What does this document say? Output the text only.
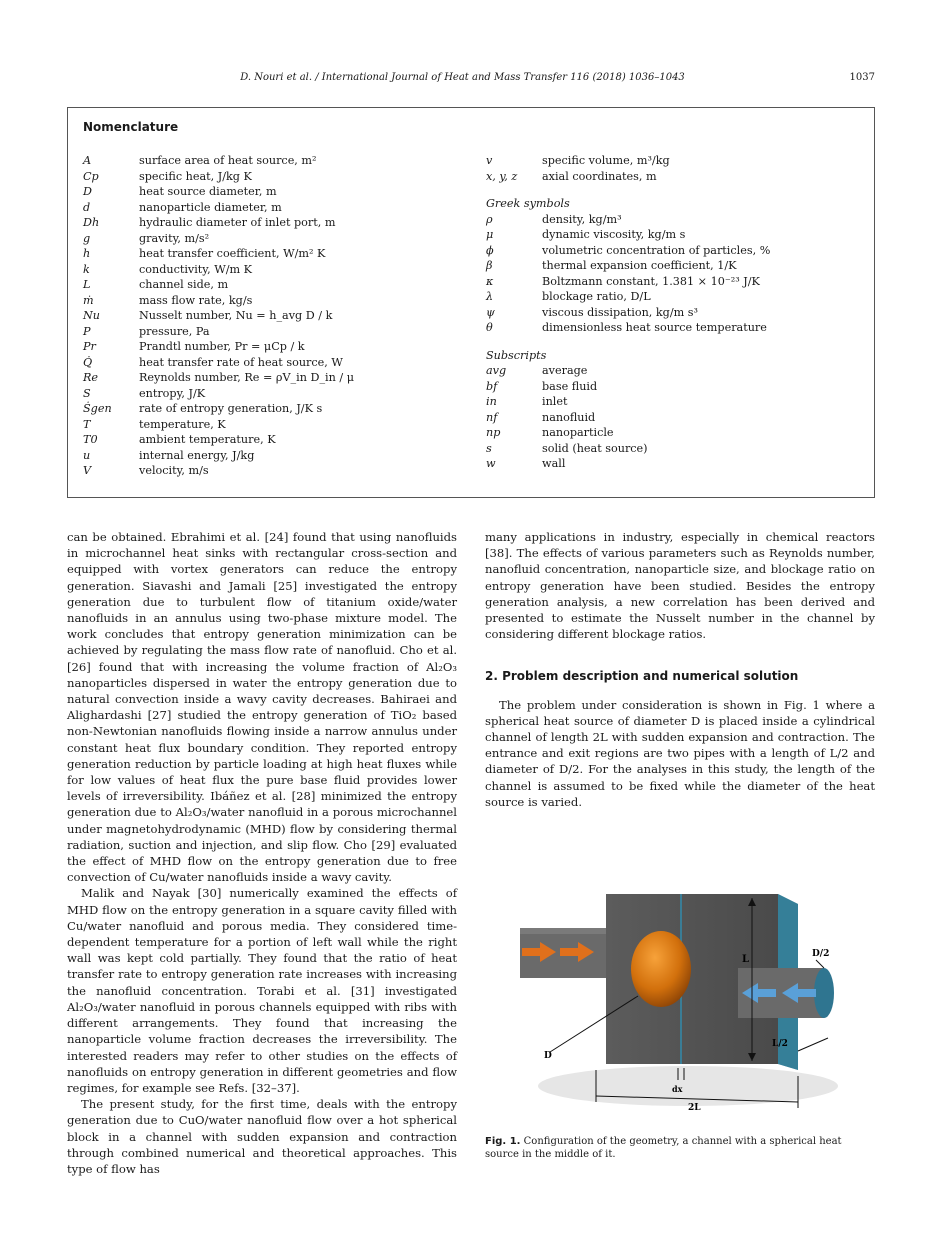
D. Nouri et al. / International Journal of Heat and Mass Transfer 116 (2018) 1036–1043	1037
Nomenclature
A	surface area of heat source, m²
Cp	specific heat, J/kg K
D	heat source diameter, m
d	nanoparticle diameter, m
Dh	hydraulic diameter of inlet port, m
g	gravity, m/s²
h	heat transfer coefficient, W/m² K
k	conductivity, W/m K
L	channel side, m
ṁ	mass flow rate, kg/s
Nu	Nusselt number, Nu = h_avg D / k
P	pressure, Pa
Pr	Prandtl number, Pr = μCp / k
Q̇	heat transfer rate of heat source, W
Re	Reynolds number, Re = ρV_in D_in / μ
S	entropy, J/K
Ṡgen	rate of entropy generation, J/K s
T	temperature, K
T0	ambient temperature, K
u	internal energy, J/kg
V	velocity, m/s
v	specific volume, m³/kg
x, y, z	axial coordinates, m
Greek symbols
ρ	density, kg/m³
μ	dynamic viscosity, kg/m s
ϕ	volumetric concentration of particles, %
β	thermal expansion coefficient, 1/K
κ	Boltzmann constant, 1.381 × 10⁻²³ J/K
λ	blockage ratio, D/L
ψ	viscous dissipation, kg/m s³
θ	dimensionless heat source temperature
Subscripts
avg	average
bf	base fluid
in	inlet
nf	nanofluid
np	nanoparticle
s	solid (heat source)
w	wall

can be obtained. Ebrahimi et al. [24] found that using nanofluids in microchannel heat sinks with rectangular cross-section and equipped with vortex generators can reduce the entropy generation. Siavashi and Jamali [25] investigated the entropy generation due to turbulent flow of titanium oxide/water nanofluids in an annulus using two-phase mixture model. The work concludes that entropy generation minimization can be achieved by regulating the mass flow rate of nanofluid. Cho et al. [26] found that with increasing the volume fraction of Al₂O₃ nanoparticles dispersed in water the entropy generation due to natural convection inside a wavy cavity decreases. Bahiraei and Alighardashi [27] studied the entropy generation of TiO₂ based non-Newtonian nanofluids flowing inside a narrow annulus under constant heat flux boundary condition. They reported entropy generation reduction by particle loading at high heat fluxes while for low values of heat flux the pure base fluid provides lower levels of irreversibility. Ibáñez et al. [28] minimized the entropy generation due to Al₂O₃/water nanofluid in a porous microchannel under magnetohydrodynamic (MHD) flow by considering thermal radiation, suction and injection, and slip flow. Cho [29] evaluated the effect of MHD flow on the entropy generation due to free convection of Cu/water nanofluids inside a wavy cavity.

Malik and Nayak [30] numerically examined the effects of MHD flow on the entropy generation in a square cavity filled with Cu/water nanofluid and porous media. They considered time-dependent temperature for a portion of left wall while the right wall was kept cold partially. They found that the ratio of heat transfer rate to entropy generation rate increases with increasing the nanofluid concentration. Torabi et al. [31] investigated Al₂O₃/water nanofluid in porous channels equipped with ribs with different arrangements. They found that increasing the nanoparticle volume fraction decreases the irreversibility. The interested readers may refer to other studies on the effects of nanofluids on entropy generation in different geometries and flow regimes, for example see Refs. [32–37].

The present study, for the first time, deals with the entropy generation due to CuO/water nanofluid flow over a hot spherical block in a channel with sudden expansion and contraction through combined numerical and theoretical approaches. This type of flow has

many applications in industry, especially in chemical reactors [38]. The effects of various parameters such as Reynolds number, nanofluid concentration, nanoparticle size, and blockage ratio on entropy generation have been studied. Besides the entropy generation analysis, a new correlation has been derived and presented to estimate the Nusselt number in the channel by considering different blockage ratios.

2. Problem description and numerical solution

The problem under consideration is shown in Fig. 1 where a spherical heat source of diameter D is placed inside a cylindrical channel of length 2L with sudden expansion and contraction. The entrance and exit regions are two pipes with a length of L/2 and diameter of D/2. For the analyses in this study, the length of the channel is assumed to be fixed while the diameter of the heat source is varied.

L	D/2
L/2
D
dx
2L
Fig. 1. Configuration of the geometry, a channel with a spherical heat source in the middle of it.
